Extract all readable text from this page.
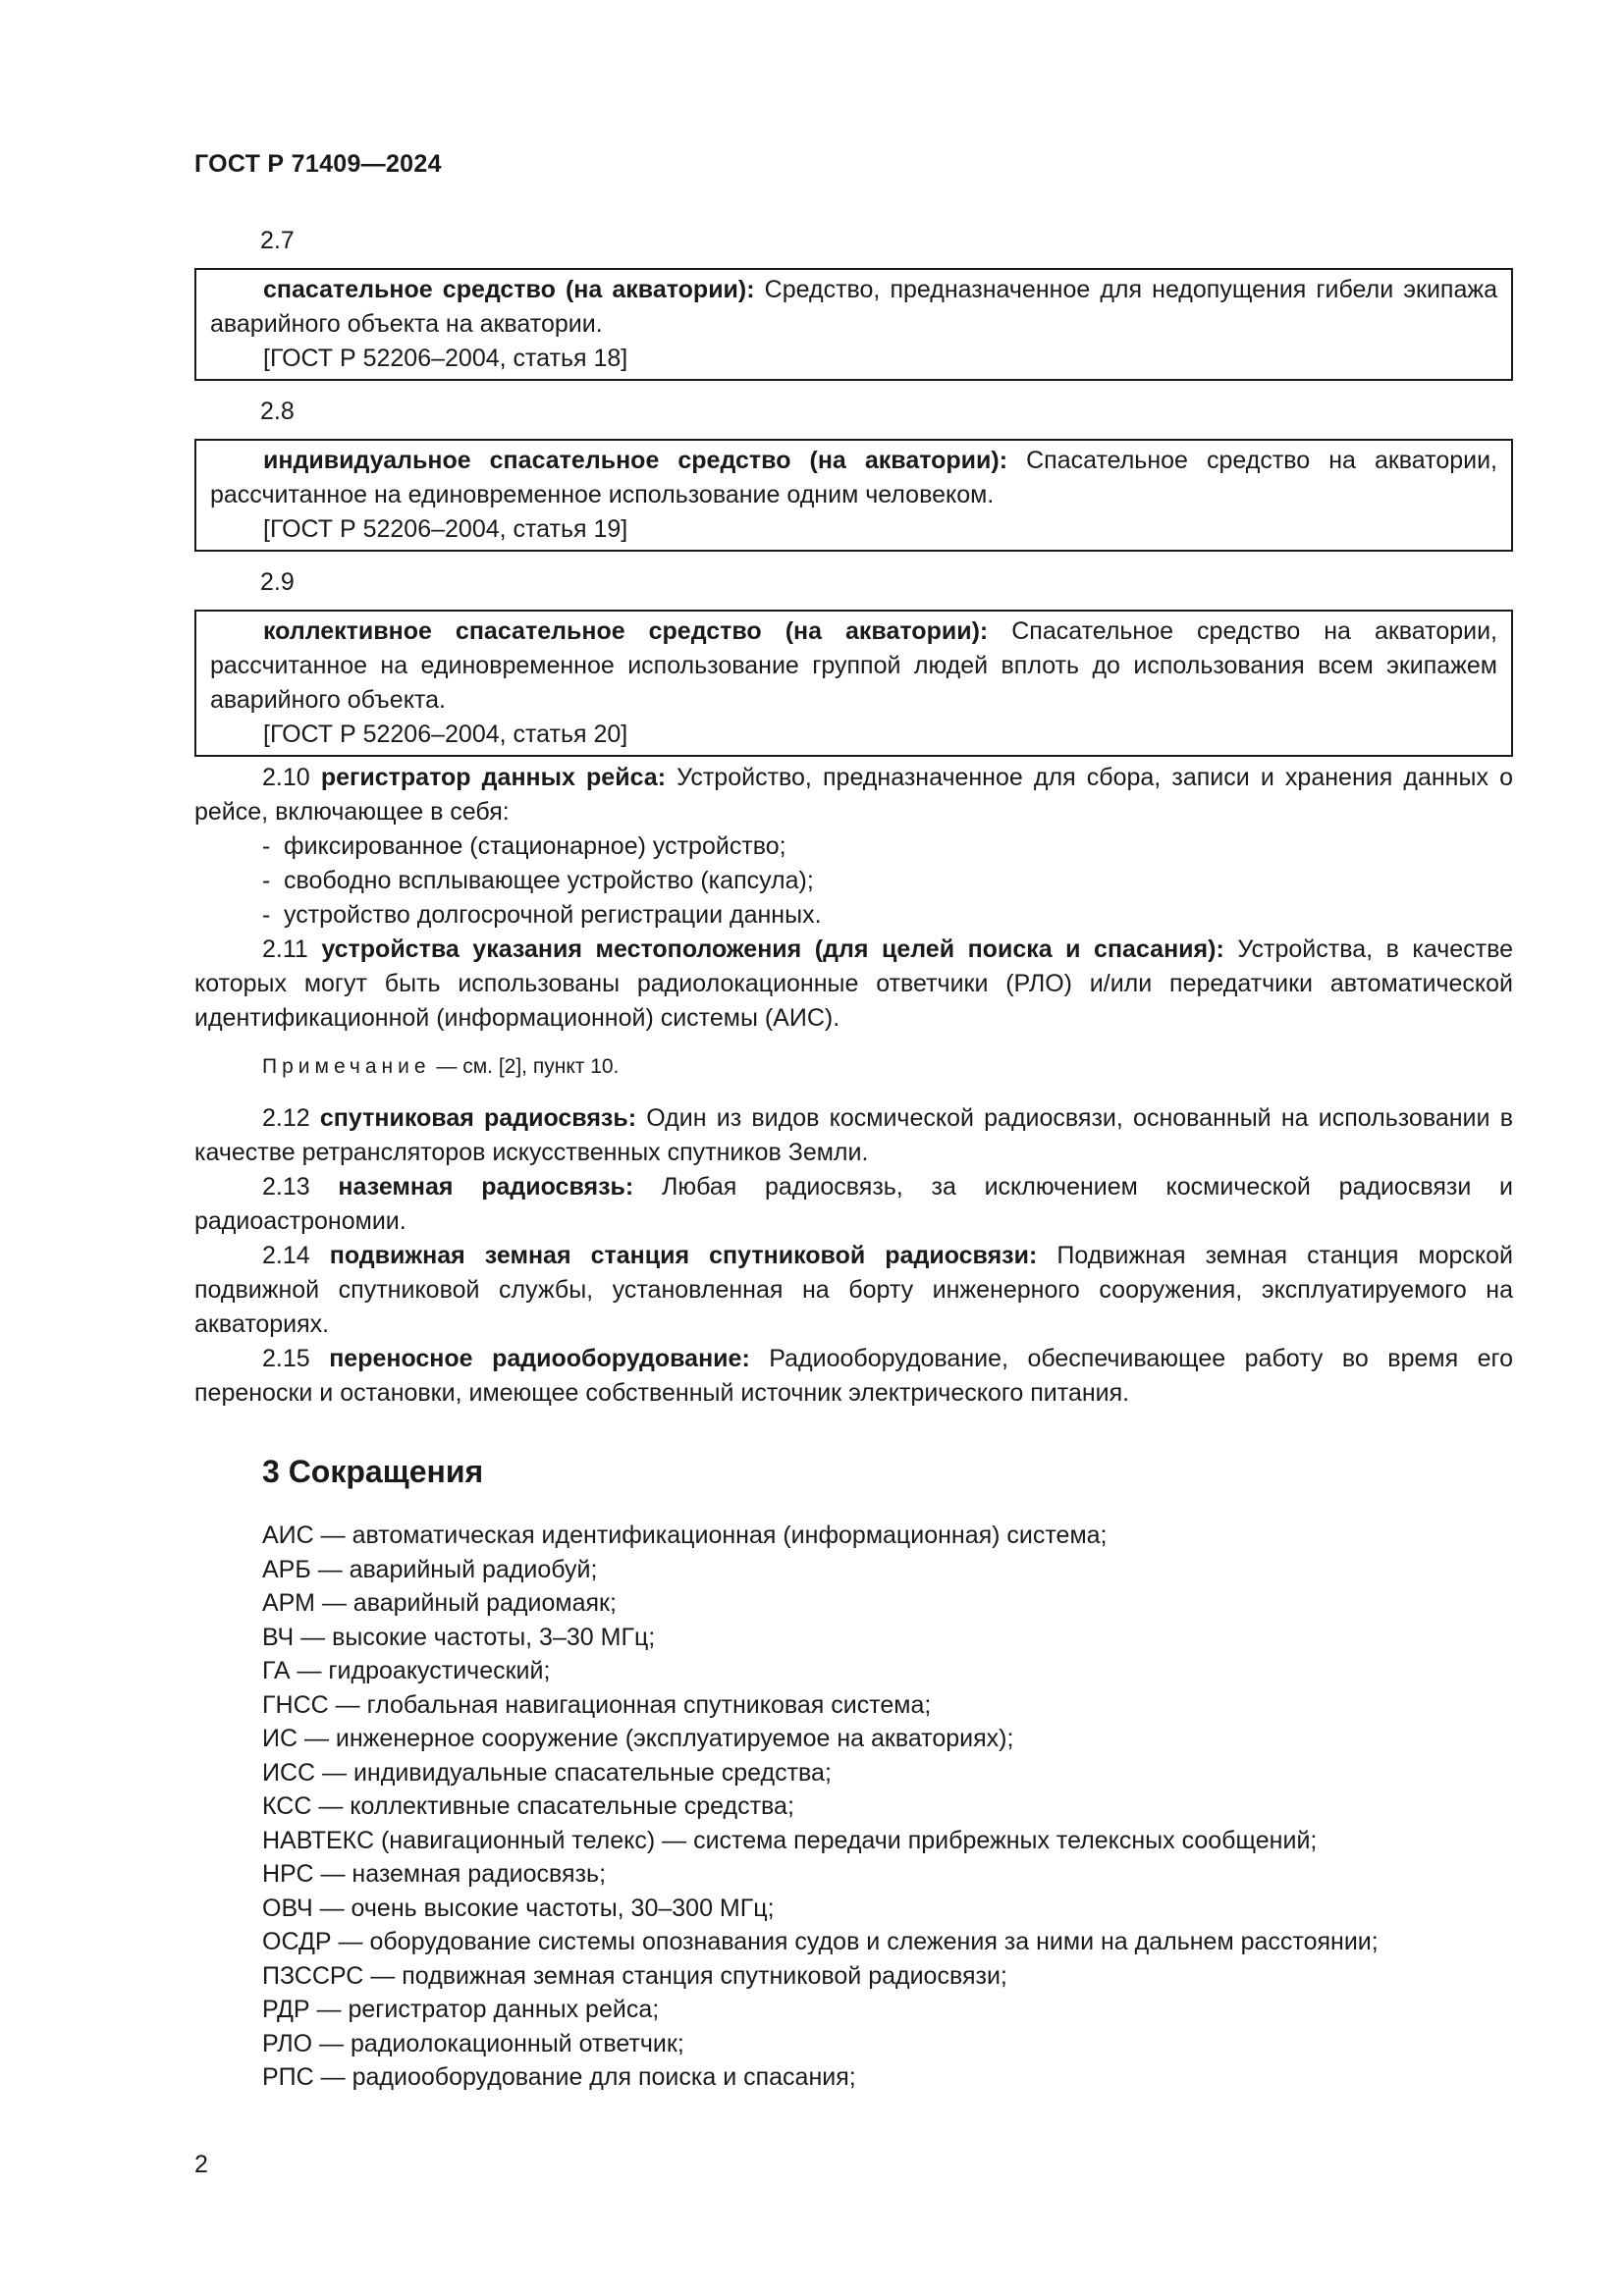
ГОСТ Р 71409—2024
2.7

спасательное средство (на акватории): Средство, предназначенное для недопущения гибели экипажа аварийного объекта на акватории.

[ГОСТ Р 52206–2004, статья 18]
2.8

индивидуальное спасательное средство (на акватории): Спасательное средство на акватории, рассчитанное на единовременное использование одним человеком.

[ГОСТ Р 52206–2004, статья 19]
2.9

коллективное спасательное средство (на акватории): Спасательное средство на акватории, рассчитанное на единовременное использование группой людей вплоть до использования всем экипажем аварийного объекта.

[ГОСТ Р 52206–2004, статья 20]

2.10 регистратор данных рейса: Устройство, предназначенное для сбора, записи и хранения данных о рейсе, включающее в себя:

- фиксированное (стационарное) устройство;
- свободно всплывающее устройство (капсула);
- устройство долгосрочной регистрации данных.

2.11 устройства указания местоположения (для целей поиска и спасания): Устройства, в качестве которых могут быть использованы радиолокационные ответчики (РЛО) и/или передатчики автоматической идентификационной (информационной) системы (АИС).

Примечание — см. [2], пункт 10.

2.12 спутниковая радиосвязь: Один из видов космической радиосвязи, основанный на использовании в качестве ретрансляторов искусственных спутников Земли.

2.13 наземная радиосвязь: Любая радиосвязь, за исключением космической радиосвязи и радиоастрономии.

2.14 подвижная земная станция спутниковой радиосвязи: Подвижная земная станция морской подвижной спутниковой службы, установленная на борту инженерного сооружения, эксплуатируемого на акваториях.

2.15 переносное радиооборудование: Радиооборудование, обеспечивающее работу во время его переноски и остановки, имеющее собственный источник электрического питания.

3 Сокращения
АИС — автоматическая идентификационная (информационная) система;
АРБ — аварийный радиобуй;
АРМ — аварийный радиомаяк;
ВЧ — высокие частоты, 3–30 МГц;
ГА — гидроакустический;
ГНСС — глобальная навигационная спутниковая система;
ИС — инженерное сооружение (эксплуатируемое на акваториях);
ИСС — индивидуальные спасательные средства;
КСС — коллективные спасательные средства;
НАВТЕКС (навигационный телекс) — система передачи прибрежных телексных сообщений;
НРС — наземная радиосвязь;
ОВЧ — очень высокие частоты, 30–300 МГц;
ОСДР — оборудование системы опознавания судов и слежения за ними на дальнем расстоянии;
ПЗССРС — подвижная земная станция спутниковой радиосвязи;
РДР — регистратор данных рейса;
РЛО — радиолокационный ответчик;
РПС — радиооборудование для поиска и спасания;
2
